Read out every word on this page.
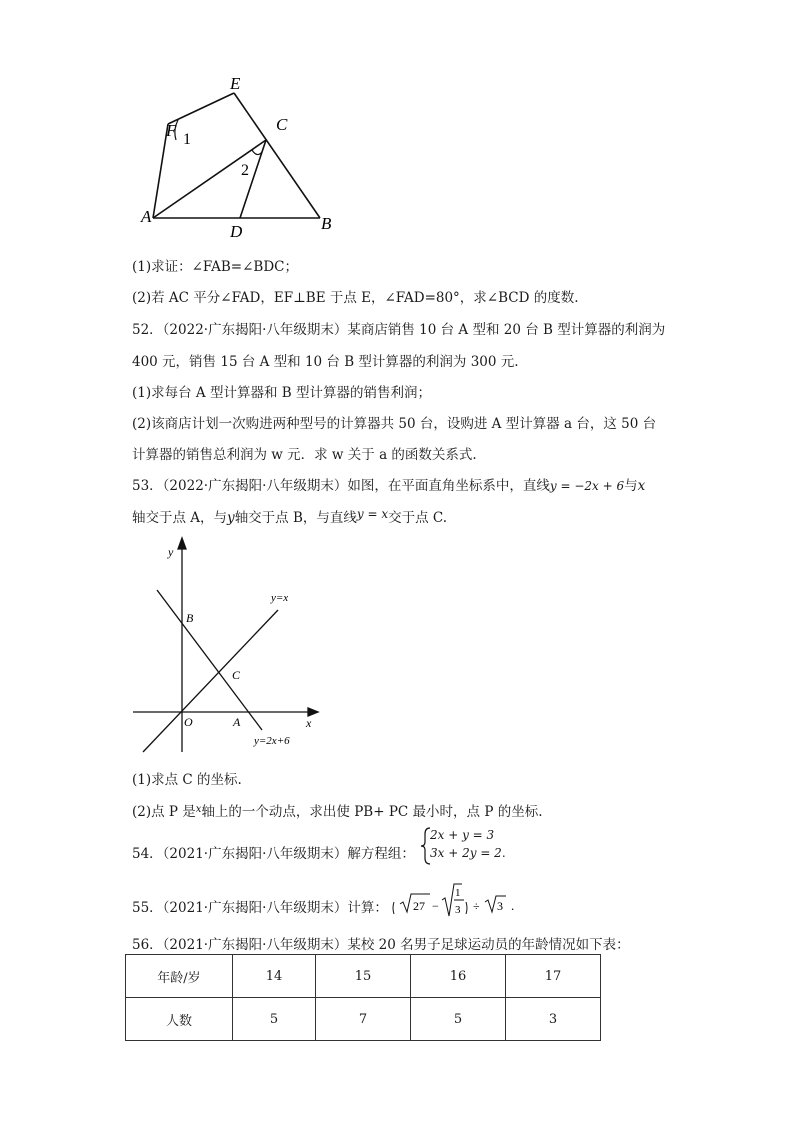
E
F 1
C
2
A
D	B
(1)求证：∠FAB=∠BDC；
(2)若 AC 平分∠FAD，EF⊥BE 于点 E，∠FAD=80°，求∠BCD 的度数.
52．（2022·广东揭阳·八年级期末）某商店销售 10 台 A 型和 20 台 B 型计算器的利润为
400 元，销售 15 台 A 型和 10 台 B 型计算器的利润为 300 元.
(1)求每台 A 型计算器和 B 型计算器的销售利润；
(2)该商店计划一次购进两种型号的计算器共 50 台，设购进 A 型计算器 a 台，这 50 台
计算器的销售总利润为 w 元．求 w 关于 a 的函数关系式.
53．（2022·广东揭阳·八年级期末）如图，在平面直角坐标系中，直线y = −2x + 6与x
轴交于点 A，与y轴交于点 B，与直线y = x交于点 C.
y
x
B
C
O	A
y=x
y=2x+6
(1)求点 C 的坐标.
(2)点 P 是$^x$轴上的一个动点，求出使 PB+ PC 最小时，点 P 的坐标.
54．（2021·广东揭阳·八年级期末）解方程组：
2x + y = 3
3x + 2y = 2.
55．（2021·广东揭阳·八年级期末）计算： 27 −
1
3 ÷ 3 .
56．（2021·广东揭阳·八年级期末）某校 20 名男子足球运动员的年龄情况如下表：
年龄/岁	14	15	16	17
人数	5	7	5	3
